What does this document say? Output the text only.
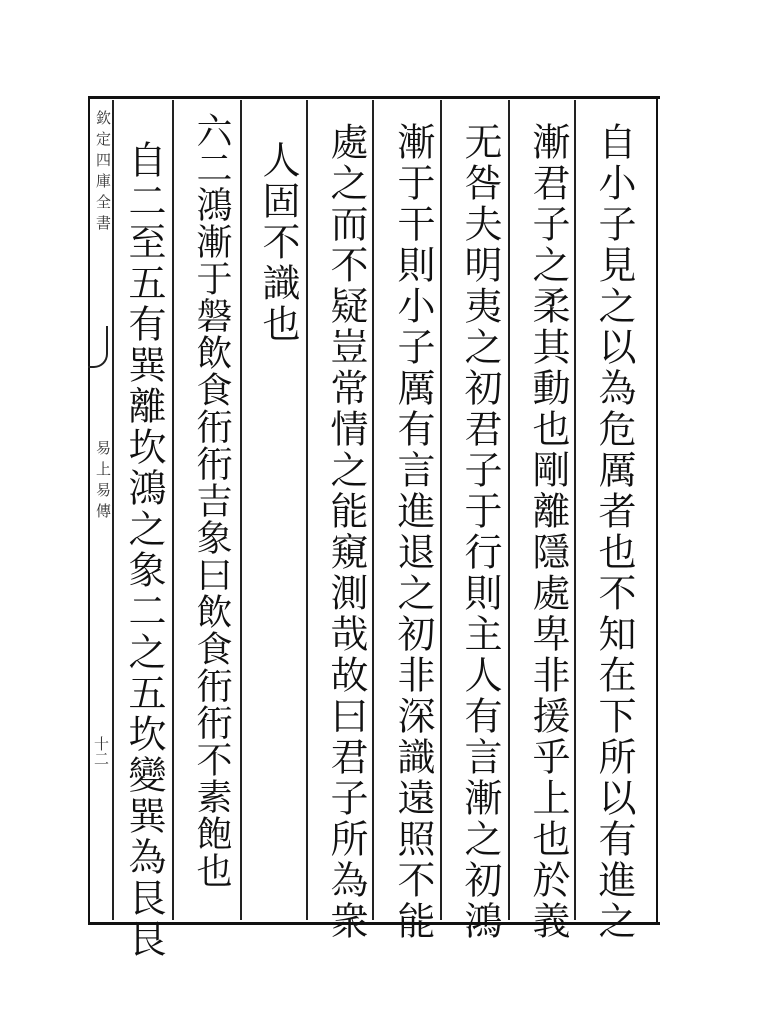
欽定四庫全書
易上易傳
十二	自小子見之以為危厲者也不知在下所以有進之
漸君子之柔其動也剛離隱處卑非援乎上也於義
无咎夫明夷之初君子于行則主人有言漸之初鴻
漸于干則小子厲有言進退之初非深識遠照不能
處之而不疑豈常情之能窺測哉故曰君子所為衆
人固不識也
六二鴻漸于磐飲食衎衎吉象曰飲食衎衎不素飽也
自二至五有巽離坎鴻之象二之五坎變巽為艮艮
